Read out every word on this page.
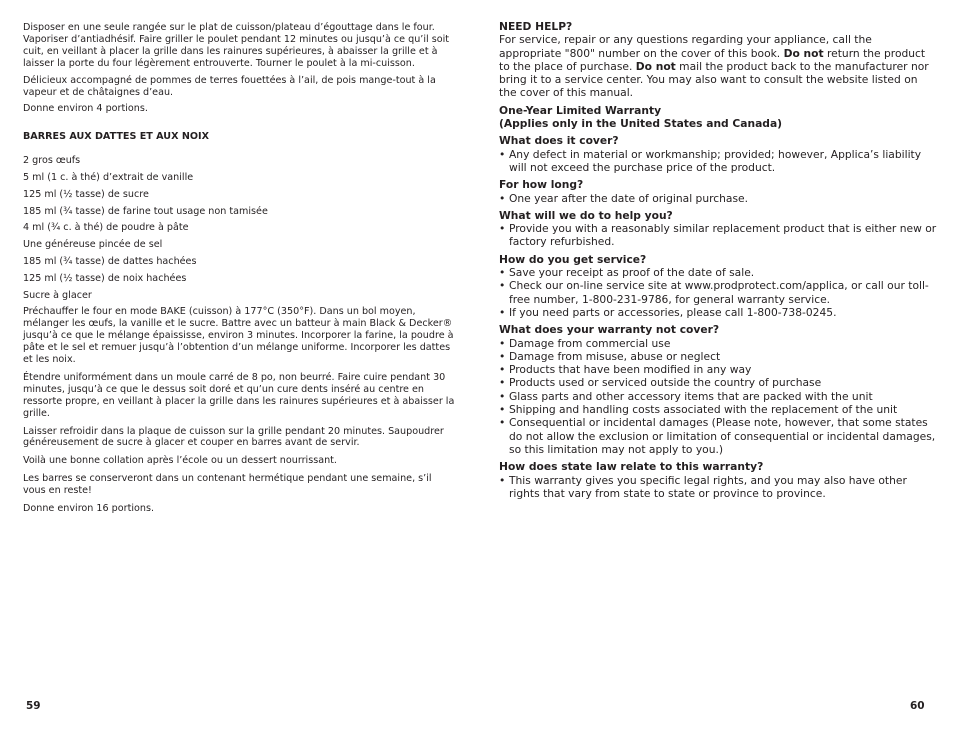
Disposer en une seule rangée sur le plat de cuisson/plateau d’égouttage dans le four. Vaporiser d’antiadhésif. Faire griller le poulet pendant 12 minutes ou jusqu’à ce qu’il soit cuit, en veillant à placer la grille dans les rainures supérieures, à abaisser la grille et à laisser la porte du four légèrement entrouverte. Tourner le poulet à la mi-cuisson.

Délicieux accompagné de pommes de terres fouettées à l’ail, de pois mange-tout à la vapeur et de châtaignes d’eau.

Donne environ 4 portions.

BARRES AUX DATTES ET AUX NOIX

2 gros œufs

5 ml (1 c. à thé) d’extrait de vanille

125 ml (½ tasse) de sucre

185 ml (¾ tasse) de farine tout usage non tamisée

4 ml (¾ c. à thé) de poudre à pâte

Une généreuse pincée de sel

185 ml (¾ tasse) de dattes hachées

125 ml (½ tasse) de noix hachées

Sucre à glacer

Préchauffer le four en mode BAKE (cuisson) à 177°C (350°F). Dans un bol moyen, mélanger les œufs, la vanille et le sucre. Battre avec un batteur à main Black & Decker® jusqu’à ce que le mélange épaississe, environ 3 minutes. Incorporer la farine, la poudre à pâte et le sel et remuer jusqu’à l’obtention d’un mélange uniforme. Incorporer les dattes et les noix.

Étendre uniformément dans un moule carré de 8 po, non beurré. Faire cuire pendant 30 minutes, jusqu’à ce que le dessus soit doré et qu’un cure dents inséré au centre en ressorte propre, en veillant à placer la grille dans les rainures supérieures et à abaisser la grille.

Laisser refroidir dans la plaque de cuisson sur la grille pendant 20 minutes. Saupoudrer généreusement de sucre à glacer et couper en barres avant de servir.

Voilà une bonne collation après l’école ou un dessert nourrissant.

Les barres se conserveront dans un contenant hermétique pendant une semaine, s’il vous en reste!

Donne environ 16 portions.

59

NEED HELP?

For service, repair or any questions regarding your appliance, call the appropriate "800" number on the cover of this book. Do not return the product to the place of purchase. Do not mail the product back to the manufacturer nor bring it to a service center. You may also want to consult the website listed on the cover of this manual.

One-Year Limited Warranty

(Applies only in the United States and Canada)

What does it cover?

• Any defect in material or workmanship; provided; however, Applica’s liability will not exceed the purchase price of the product.

For how long?

• One year after the date of original purchase.

What will we do to help you?

• Provide you with a reasonably similar replacement product that is either new or factory refurbished.

How do you get service?

• Save your receipt as proof of the date of sale.
• Check our on-line service site at www.prodprotect.com/applica, or call our toll-free number, 1-800-231-9786, for general warranty service.
• If you need parts or accessories, please call 1-800-738-0245.

What does your warranty not cover?

• Damage from commercial use
• Damage from misuse, abuse or neglect
• Products that have been modified in any way
• Products used or serviced outside the country of purchase
• Glass parts and other accessory items that are packed with the unit
• Shipping and handling costs associated with the replacement of the unit
• Consequential or incidental damages (Please note, however, that some states do not allow the exclusion or limitation of consequential or incidental damages, so this limitation may not apply to you.)

How does state law relate to this warranty?

• This warranty gives you specific legal rights, and you may also have other rights that vary from state to state or province to province.
60
